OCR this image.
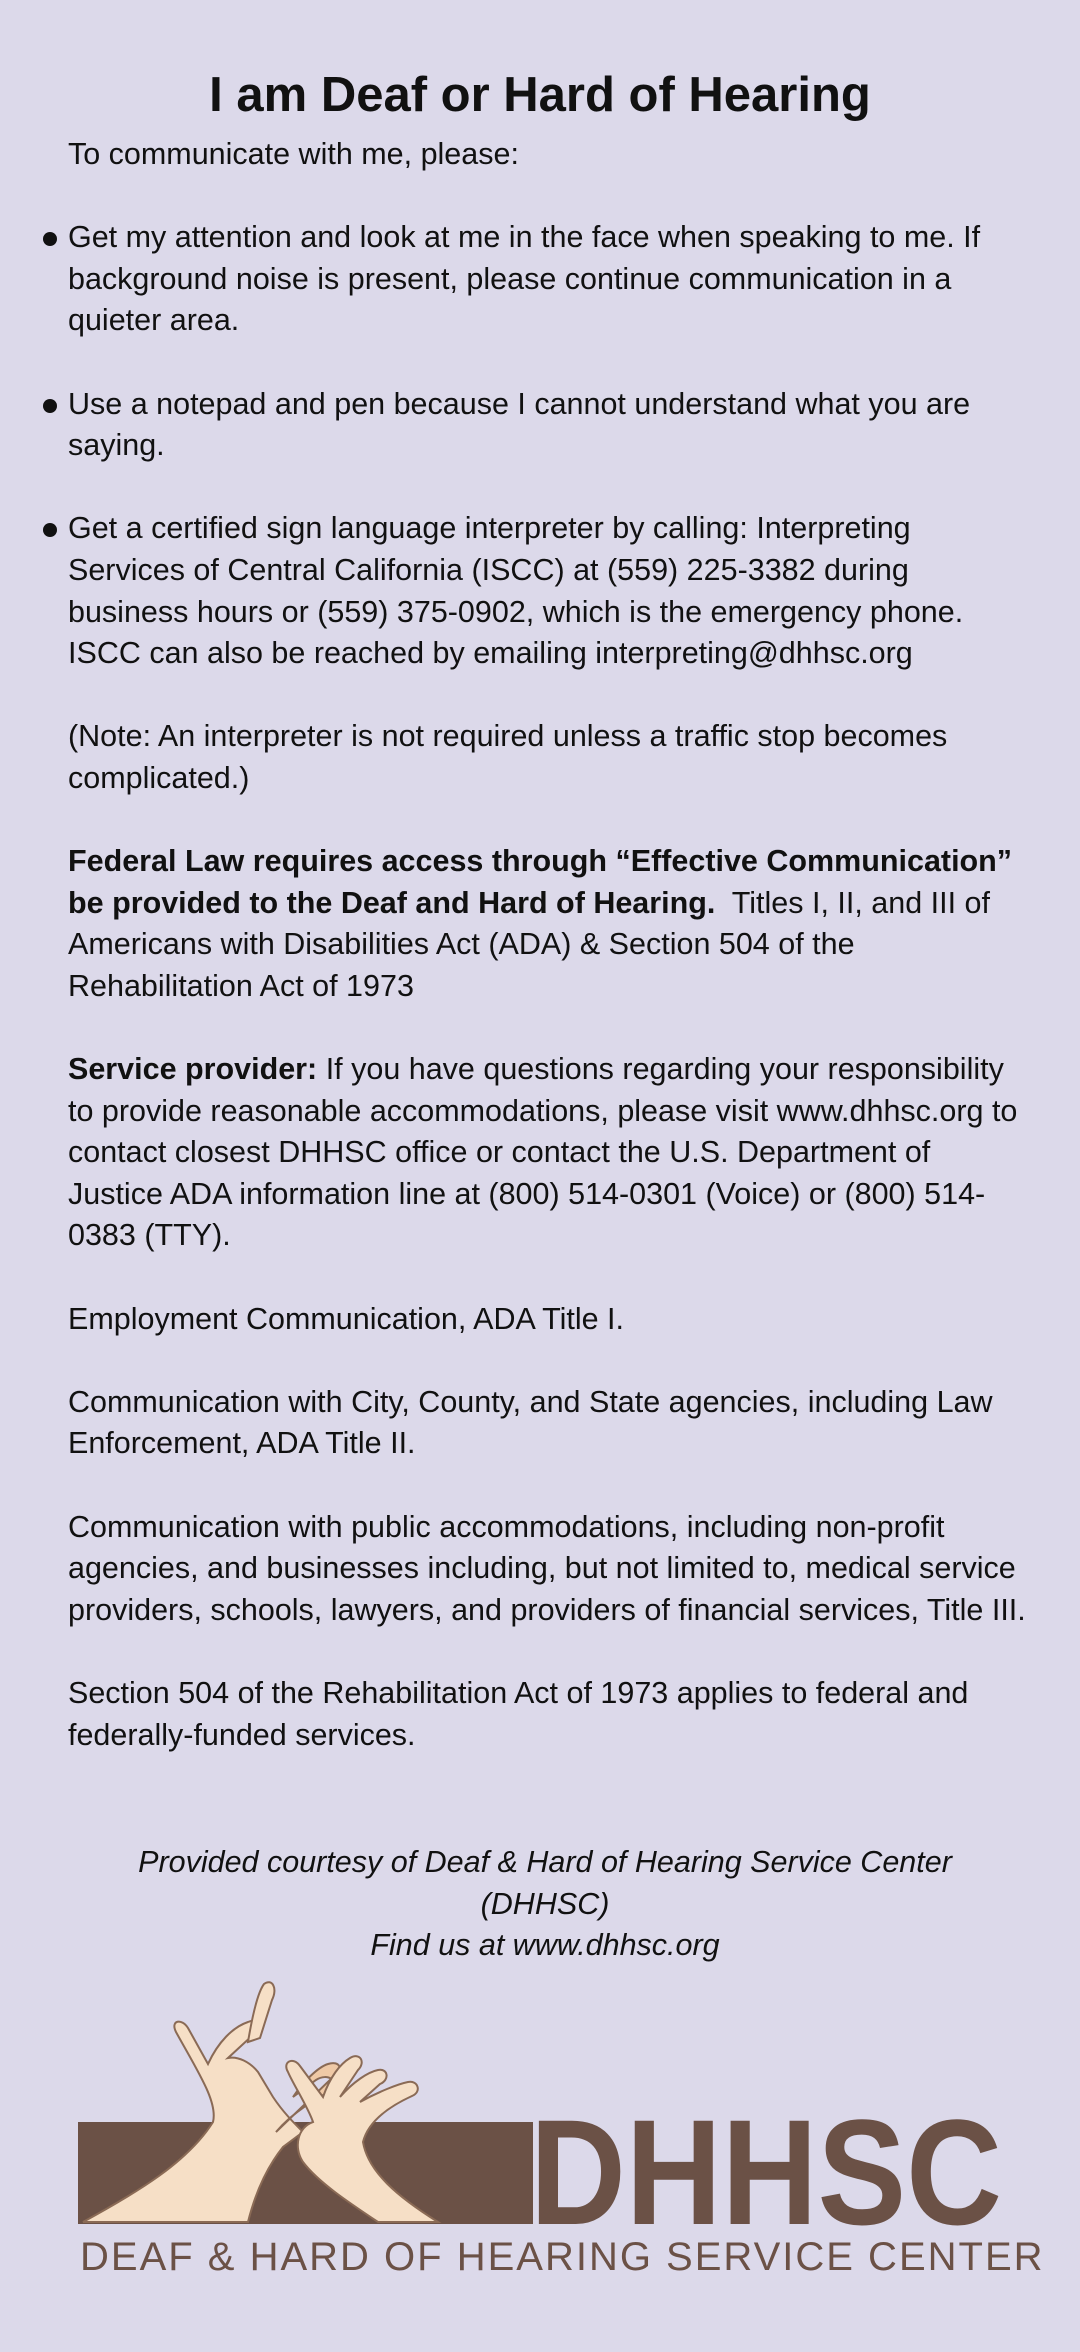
I am Deaf or Hard of Hearing

To communicate with me, please:

Get my attention and look at me in the face when speaking to me. If background noise is present, please continue communication in a quieter area.
Use a notepad and pen because I cannot understand what you are saying.
Get a certified sign language interpreter by calling: Interpreting Services of Central California (ISCC) at (559) 225-3382 during business hours or (559) 375-0902, which is the emergency phone. ISCC can also be reached by emailing interpreting@dhhsc.org

(Note: An interpreter is not required unless a traffic stop becomes complicated.)

Federal Law requires access through “Effective Communication” be provided to the Deaf and Hard of Hearing. Titles I, II, and III of Americans with Disabilities Act (ADA) & Section 504 of the Rehabilitation Act of 1973

Service provider: If you have questions regarding your responsibility to provide reasonable accommodations, please visit www.dhhsc.org to contact closest DHHSC office or contact the U.S. Department of Justice ADA information line at (800) 514-0301 (Voice) or (800) 514-0383 (TTY).

Employment Communication, ADA Title I.

Communication with City, County, and State agencies, including Law Enforcement, ADA Title II.

Communication with public accommodations, including non-profit agencies, and businesses including, but not limited to, medical service providers, schools, lawyers, and providers of financial services, Title III.

Section 504 of the Rehabilitation Act of 1973 applies to federal and federally-funded services.

Provided courtesy of Deaf & Hard of Hearing Service Center (DHHSC)
Find us at www.dhhsc.org
DHHSC
DEAF & HARD OF HEARING SERVICE CENTER
